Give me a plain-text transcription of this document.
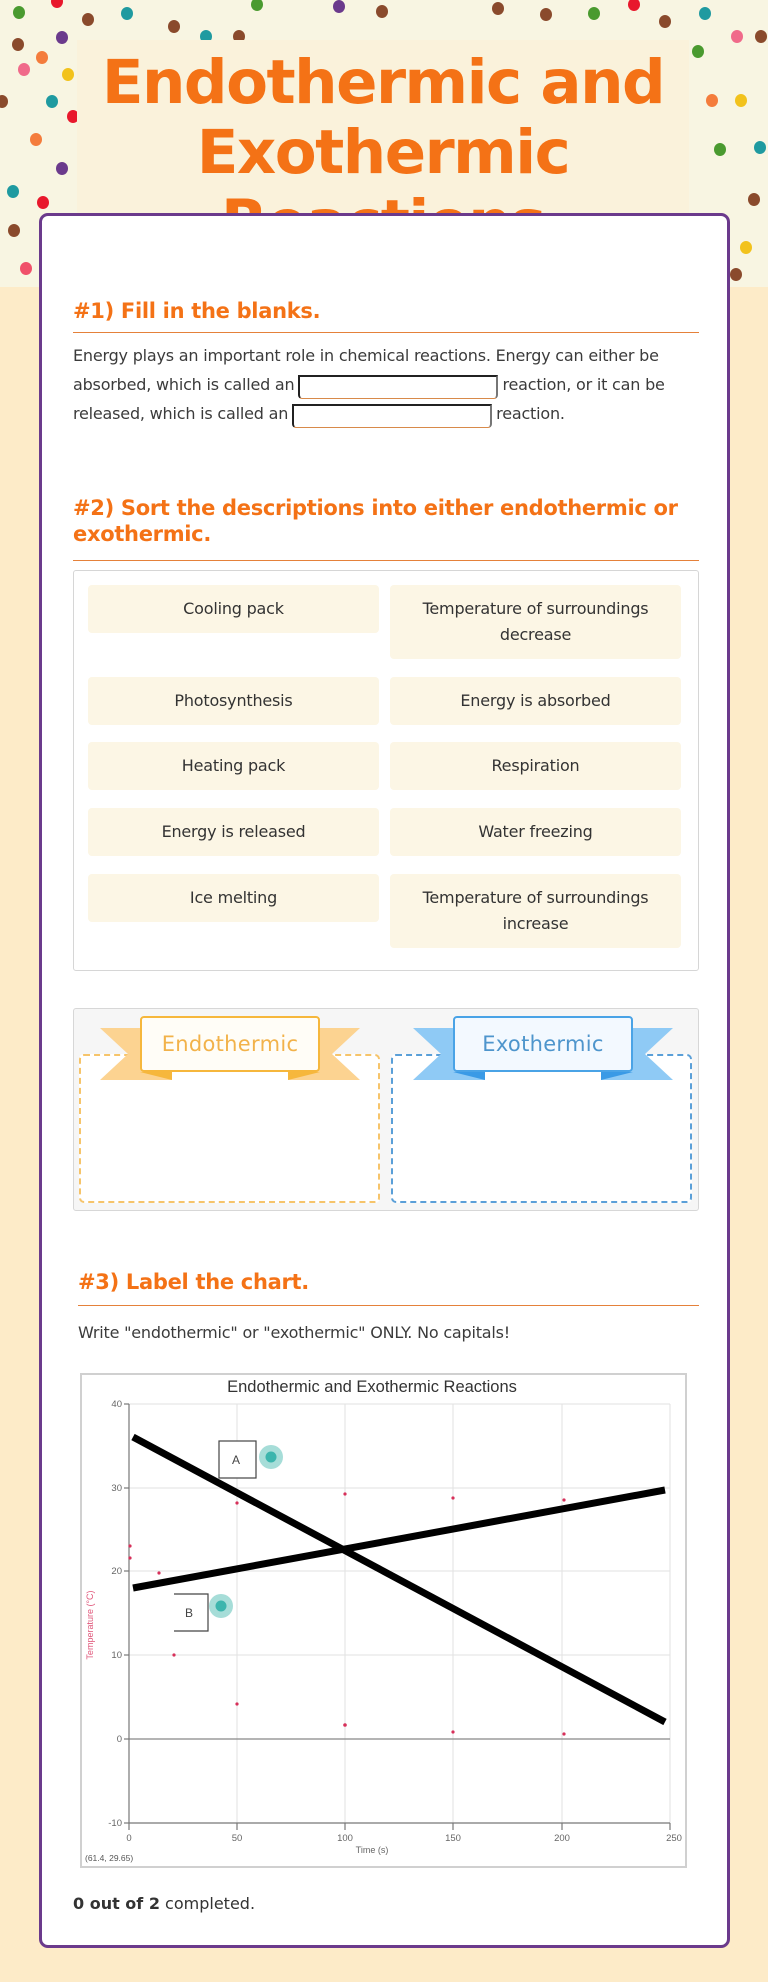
Endothermic and
Exothermic
#1) Fill in the blanks.
Energy plays an important role in chemical reactions. Energy can either be absorbed, which is called an	reaction, or it can be released, which is called an	reaction.
#2) Sort the descriptions into either endothermic or exothermic.
Cooling pack	Temperature of surroundings decrease
Photosynthesis	Energy is absorbed
Heating pack	Respiration
Energy is released	Water freezing
Ice melting	Temperature of surroundings increase
Endothermic	Exothermic
#3) Label the chart.
Write "endothermic" or "exothermic" ONLY. No capitals!
Endothermic and Exothermic Reactions
40
30
20
10
0
-10
0	50	100	150	200	250
Time (s)
Temperature (°C)
A
B
(61.4, 29.65)
0 out of 2 completed.
